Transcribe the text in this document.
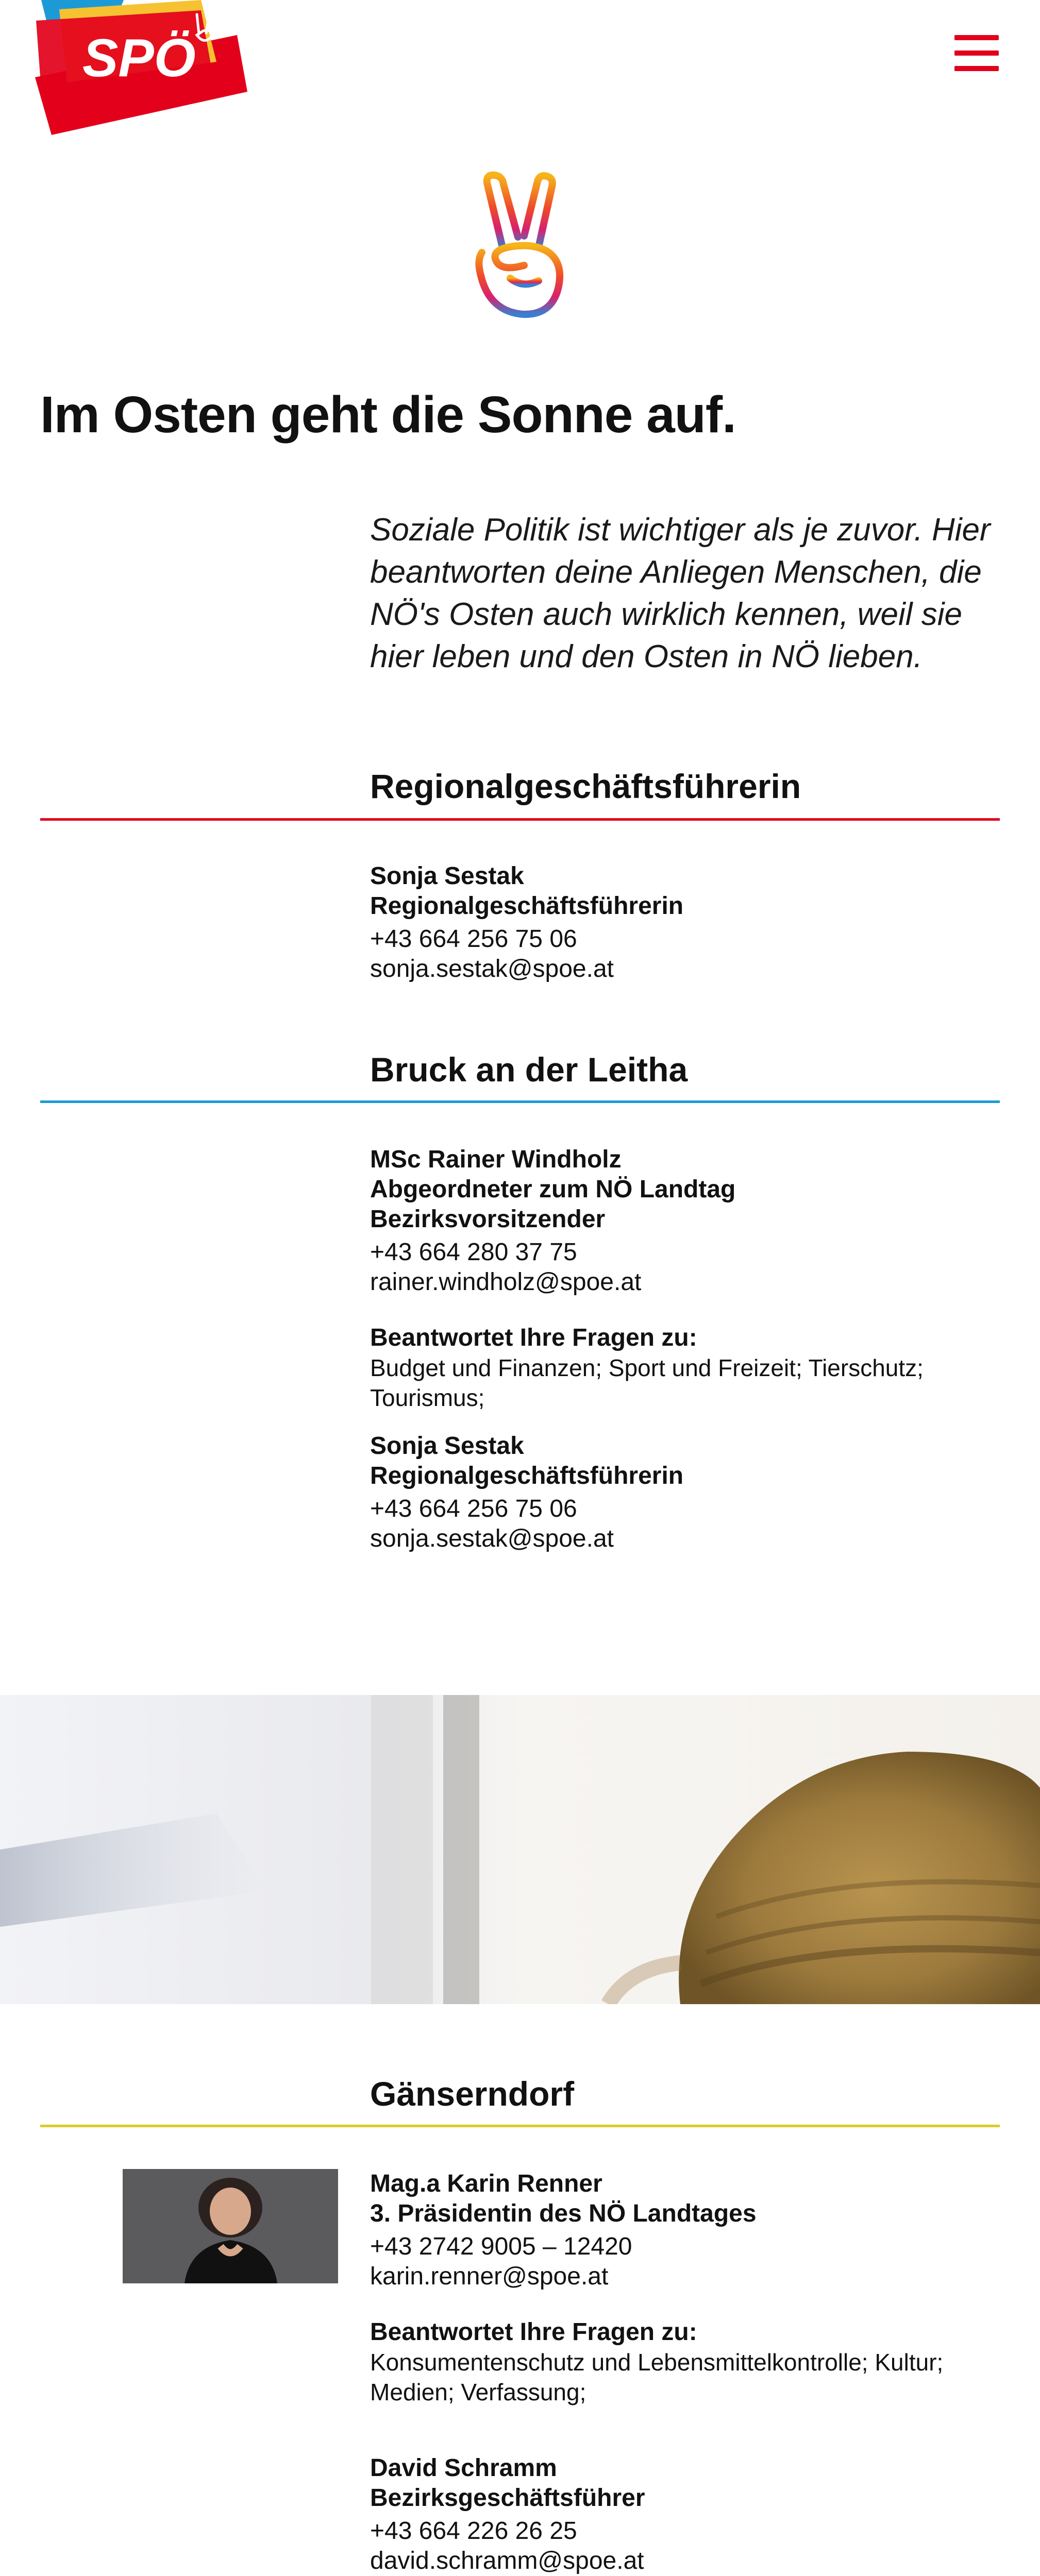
SPÖ
Im Osten geht die Sonne auf.

Soziale Politik ist wichtiger als je zuvor. Hier beantworten deine Anliegen Menschen, die NÖ's Osten auch wirklich kennen, weil sie hier leben und den Osten in NÖ lieben.

Regionalgeschäftsführerin
Sonja Sestak
Regionalgeschäftsführerin
+43 664 256 75 06
sonja.sestak@spoe.at
Bruck an der Leitha
MSc Rainer Windholz
Abgeordneter zum NÖ Landtag
Bezirksvorsitzender
+43 664 280 37 75
rainer.windholz@spoe.at
Beantwortet Ihre Fragen zu:
Budget und Finanzen; Sport und Freizeit; Tierschutz; Tourismus;
Sonja Sestak
Regionalgeschäftsführerin
+43 664 256 75 06
sonja.sestak@spoe.at
Gänserndorf
Mag.a Karin Renner
3. Präsidentin des NÖ Landtages
+43 2742 9005 – 12420
karin.renner@spoe.at
Beantwortet Ihre Fragen zu:
Konsumentenschutz und Lebensmittelkontrolle; Kultur; Medien; Verfassung;
David Schramm
Bezirksgeschäftsführer
+43 664 226 26 25
david.schramm@spoe.at
